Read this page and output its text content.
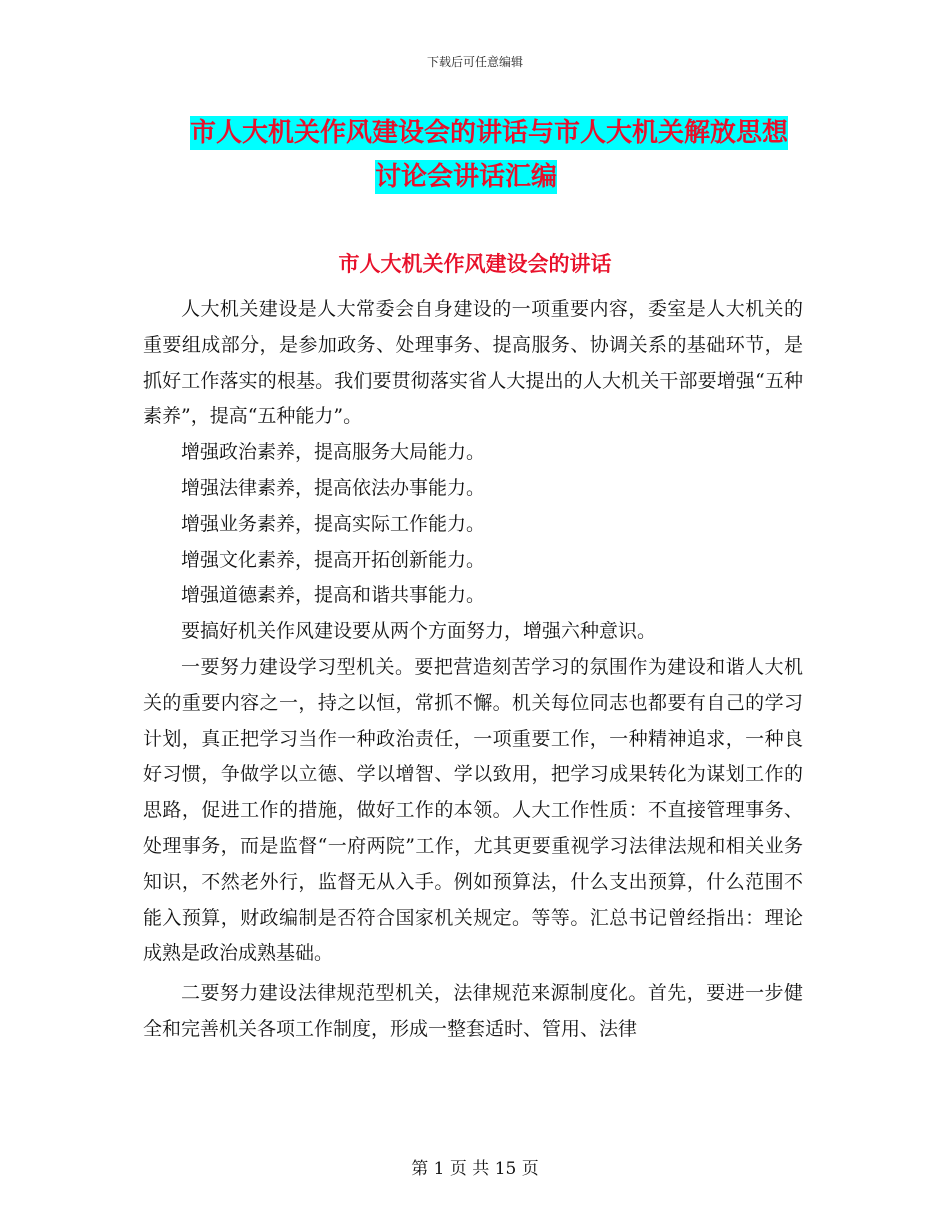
下载后可任意编辑
市人大机关作风建设会的讲话与市人大机关解放思想
讨论会讲话汇编
市人大机关作风建设会的讲话

人大机关建设是人大常委会自身建设的一项重要内容，委室是人大机关的重要组成部分，是参加政务、处理事务、提高服务、协调关系的基础环节，是抓好工作落实的根基。我们要贯彻落实省人大提出的人大机关干部要增强“五种素养”，提高“五种能力”。

增强政治素养，提高服务大局能力。

增强法律素养，提高依法办事能力。

增强业务素养，提高实际工作能力。

增强文化素养，提高开拓创新能力。

增强道德素养，提高和谐共事能力。

要搞好机关作风建设要从两个方面努力，增强六种意识。

一要努力建设学习型机关。要把营造刻苦学习的氛围作为建设和谐人大机关的重要内容之一，持之以恒，常抓不懈。机关每位同志也都要有自己的学习计划，真正把学习当作一种政治责任，一项重要工作，一种精神追求，一种良好习惯，争做学以立德、学以增智、学以致用，把学习成果转化为谋划工作的思路，促进工作的措施，做好工作的本领。人大工作性质：不直接管理事务、处理事务，而是监督“一府两院”工作，尤其更要重视学习法律法规和相关业务知识，不然老外行，监督无从入手。例如预算法，什么支出预算，什么范围不能入预算，财政编制是否符合国家机关规定。等等。汇总书记曾经指出：理论成熟是政治成熟基础。

二要努力建设法律规范型机关，法律规范来源制度化。首先，要进一步健全和完善机关各项工作制度，形成一整套适时、管用、法律

第 1 页 共 15 页
